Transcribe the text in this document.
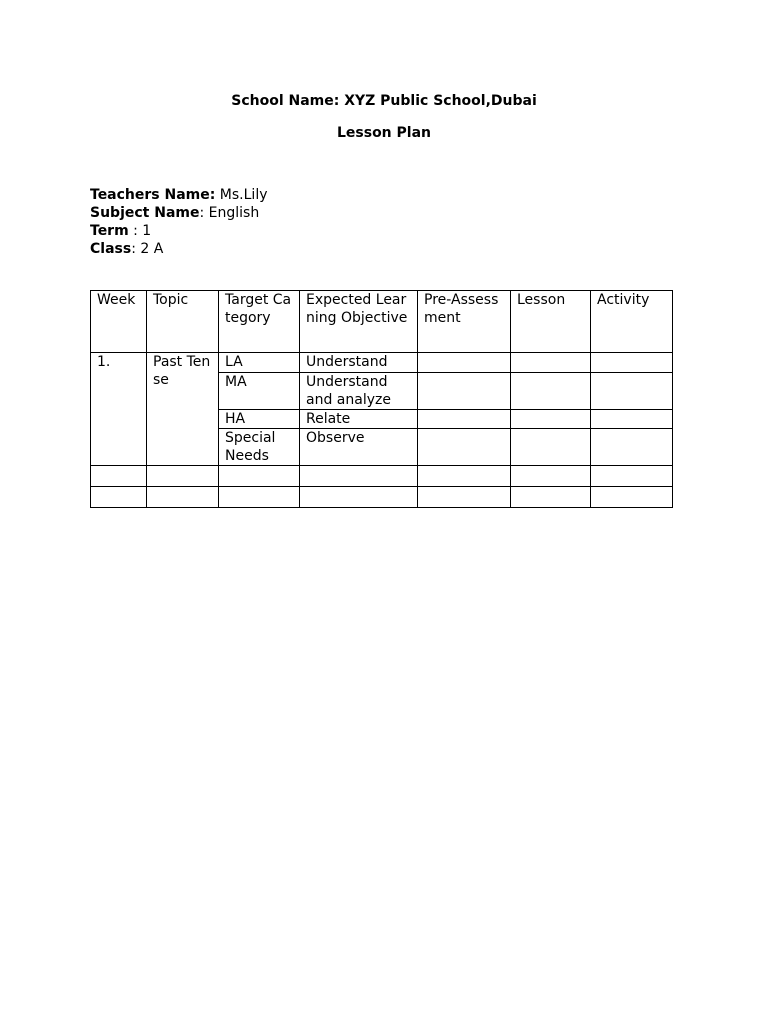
School Name: XYZ Public School,Dubai
Lesson Plan
Teachers Name: Ms.Lily
Subject Name: English
Term : 1
Class: 2 A
Week	Topic	Target Category	Expected Learning Objective	Pre-Assessment	Lesson	Activity
1.	Past Tense	LA	Understand			
		MA	Understand and analyze			
		HA	Relate			
		Special Needs	Observe			
